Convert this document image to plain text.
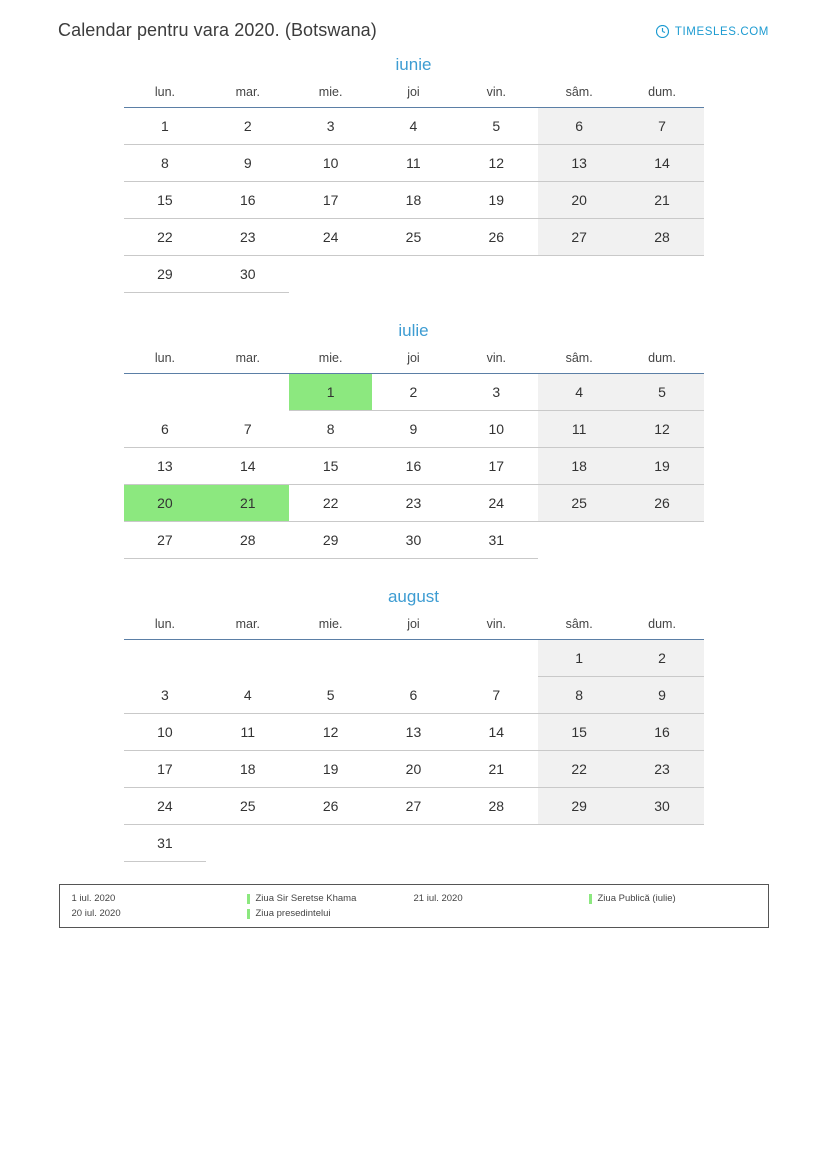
Calendar pentru vara 2020. (Botswana)	TIMESLES.COM
iunie
lun.	mar.	mie.	joi	vin.	sâm.	dum.

1	2	3	4	5	6	7

8	9	10	11	12	13	14

15	16	17	18	19	20	21

22	23	24	25	26	27	28

29	30					

iulie
lun.	mar.	mie.	joi	vin.	sâm.	dum.

		1	2	3	4	5

6	7	8	9	10	11	12

13	14	15	16	17	18	19

20	21	22	23	24	25	26

27	28	29	30	31		

august
lun.	mar.	mie.	joi	vin.	sâm.	dum.

					1	2

3	4	5	6	7	8	9

10	11	12	13	14	15	16

17	18	19	20	21	22	23

24	25	26	27	28	29	30

31						

1 iul. 2020	Ziua Sir Seretse Khama
20 iul. 2020	Ziua presedintelui
21 iul. 2020	Ziua Publică (iulie)
